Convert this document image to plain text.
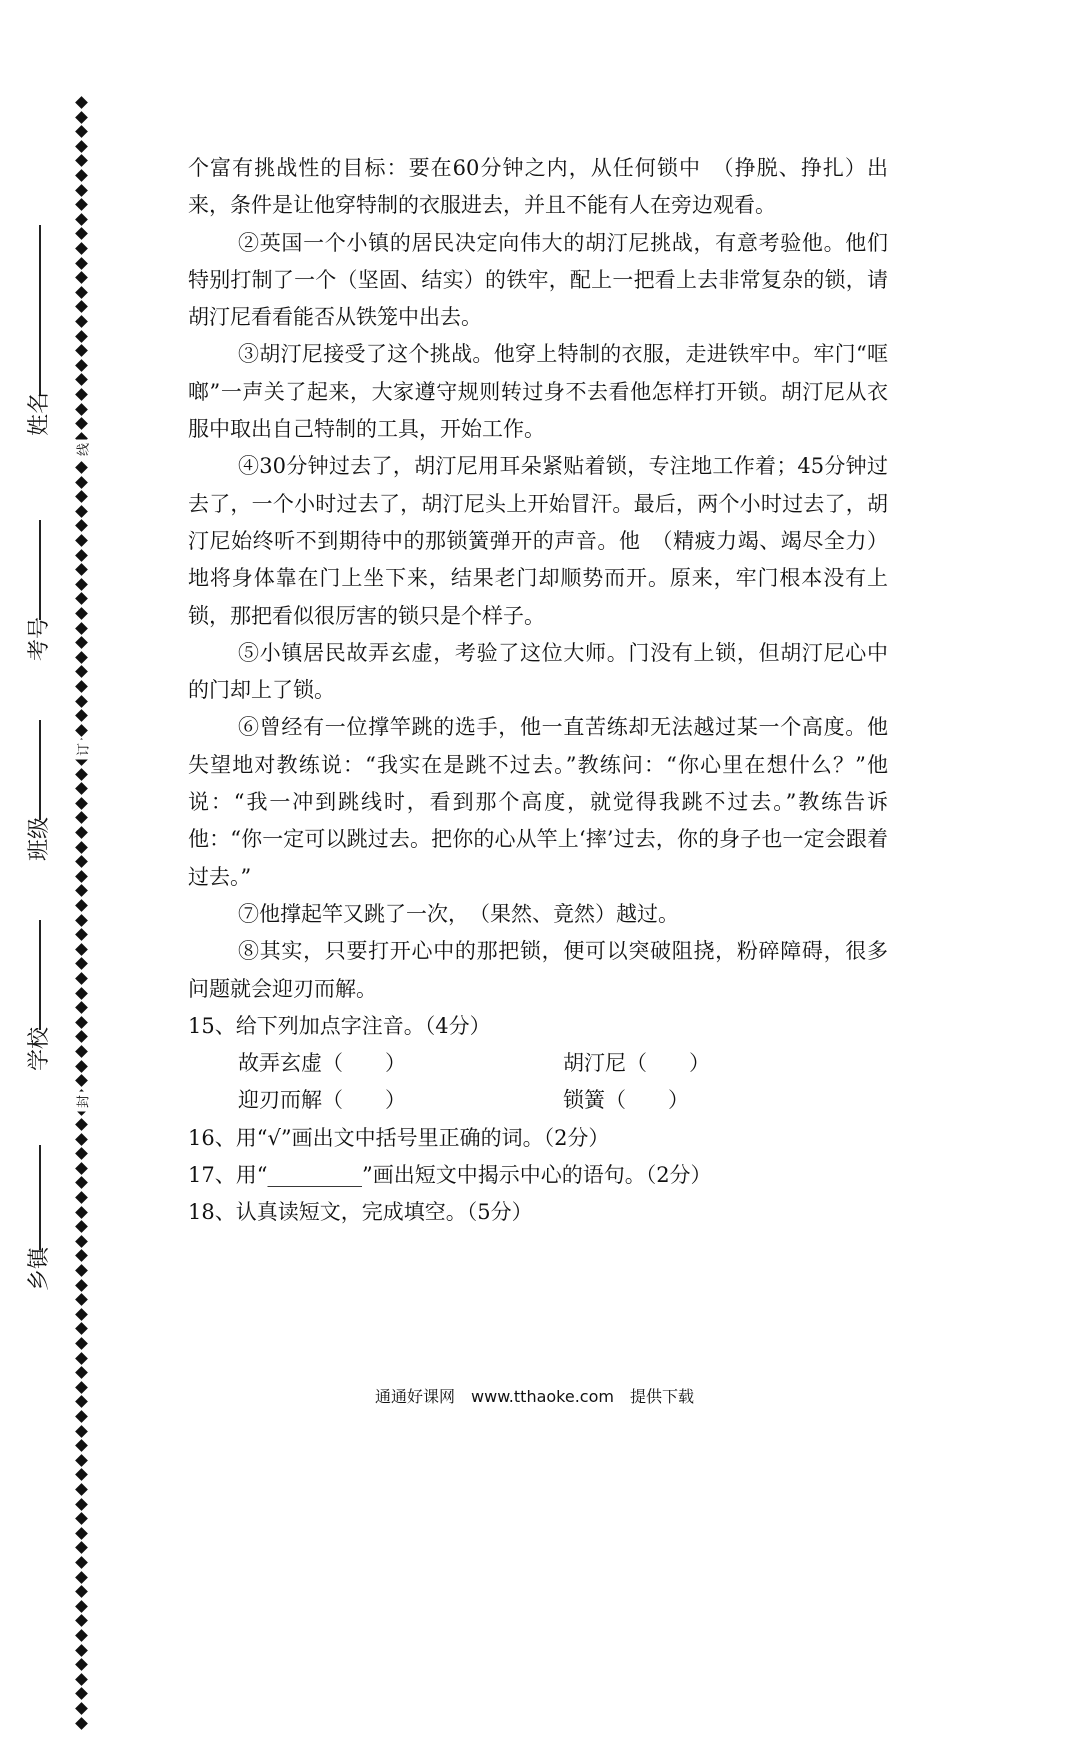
姓名
考号
班级
学校
乡镇
线
订
封

个富有挑战性的目标：要在60分钟之内，从任何锁中　（挣脱、挣扎）出来，条件是让他穿特制的衣服进去，并且不能有人在旁边观看。

②英国一个小镇的居民决定向伟大的胡汀尼挑战，有意考验他。他们特别打制了一个（坚固、结实）的铁牢，配上一把看上去非常复杂的锁，请胡汀尼看看能否从铁笼中出去。

③胡汀尼接受了这个挑战。他穿上特制的衣服，走进铁牢中。牢门“哐啷”一声关了起来，大家遵守规则转过身不去看他怎样打开锁。胡汀尼从衣服中取出自己特制的工具，开始工作。

④30分钟过去了，胡汀尼用耳朵紧贴着锁，专注地工作着；45分钟过去了，一个小时过去了，胡汀尼头上开始冒汗。最后，两个小时过去了，胡汀尼始终听不到期待中的那锁簧弹开的声音。他　（精疲力竭、竭尽全力）地将身体靠在门上坐下来，结果老门却顺势而开。原来，牢门根本没有上锁，那把看似很厉害的锁只是个样子。

⑤小镇居民故弄玄虚，考验了这位大师。门没有上锁，但胡汀尼心中的门却上了锁。

⑥曾经有一位撑竿跳的选手，他一直苦练却无法越过某一个高度。他失望地对教练说：“我实在是跳不过去。”教练问：“你心里在想什么？”他说：“我一冲到跳线时，看到那个高度，就觉得我跳不过去。”教练告诉他：“你一定可以跳过去。把你的心从竿上‘摔’过去，你的身子也一定会跟着过去。”

⑦他撑起竿又跳了一次，　（果然、竟然）越过。

⑧其实，只要打开心中的那把锁，便可以突破阻挠，粉碎障碍，很多问题就会迎刃而解。

15、给下列加点字注音。（4分）

故弄玄虚（　　）	胡汀尼（　　）
迎刃而解（　　）	锁簧（　　）

16、用“√”画出文中括号里正确的词。（2分）

17、用“_________”画出短文中揭示中心的语句。（2分）

18、认真读短文，完成填空。（5分）

通通好课网 www.tthaoke.com 提供下载
